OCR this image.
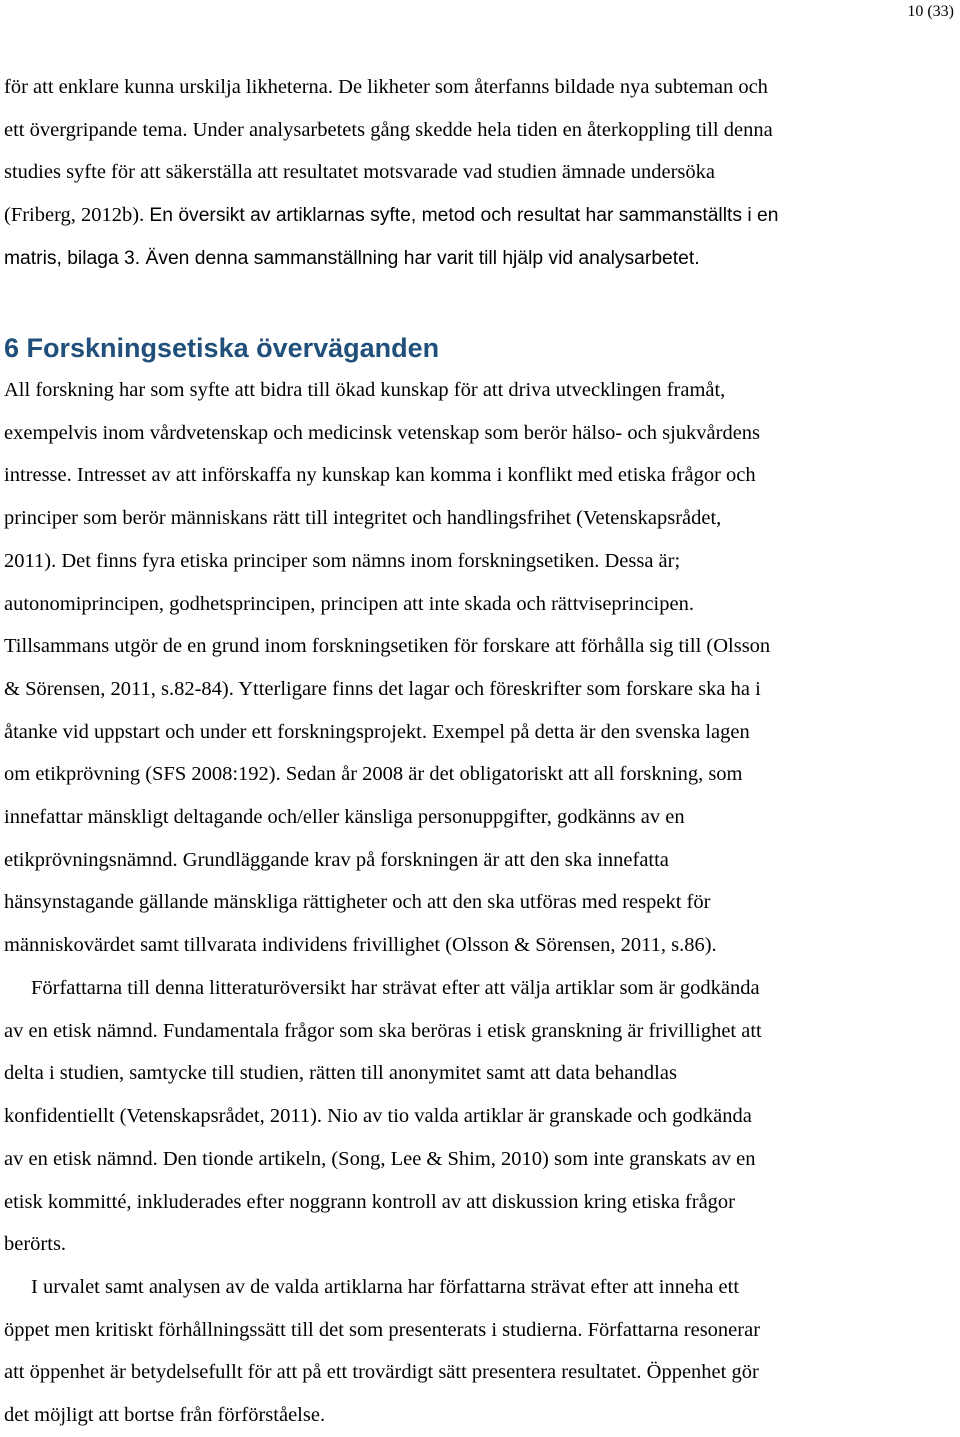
10 (33)

för att enklare kunna urskilja likheterna. De likheter som återfanns bildade nya subteman och
ett övergripande tema. Under analysarbetets gång skedde hela tiden en återkoppling till denna
studies syfte för att säkerställa att resultatet motsvarade vad studien ämnade undersöka
(Friberg, 2012b). En översikt av artiklarnas syfte, metod och resultat har sammanställts i en
matris, bilaga 3. Även denna sammanställning har varit till hjälp vid analysarbetet.

6 Forskningsetiska överväganden

All forskning har som syfte att bidra till ökad kunskap för att driva utvecklingen framåt,
exempelvis inom vårdvetenskap och medicinsk vetenskap som berör hälso- och sjukvårdens
intresse. Intresset av att införskaffa ny kunskap kan komma i konflikt med etiska frågor och
principer som berör människans rätt till integritet och handlingsfrihet (Vetenskapsrådet,
2011). Det finns fyra etiska principer som nämns inom forskningsetiken. Dessa är;
autonomiprincipen, godhetsprincipen, principen att inte skada och rättviseprincipen.
Tillsammans utgör de en grund inom forskningsetiken för forskare att förhålla sig till (Olsson
& Sörensen, 2011, s.82-84). Ytterligare finns det lagar och föreskrifter som forskare ska ha i
åtanke vid uppstart och under ett forskningsprojekt. Exempel på detta är den svenska lagen
om etikprövning (SFS 2008:192). Sedan år 2008 är det obligatoriskt att all forskning, som
innefattar mänskligt deltagande och/eller känsliga personuppgifter, godkänns av en
etikprövningsnämnd. Grundläggande krav på forskningen är att den ska innefatta
hänsynstagande gällande mänskliga rättigheter och att den ska utföras med respekt för
människovärdet samt tillvarata individens frivillighet (Olsson & Sörensen, 2011, s.86).

Författarna till denna litteraturöversikt har strävat efter att välja artiklar som är godkända
av en etisk nämnd. Fundamentala frågor som ska beröras i etisk granskning är frivillighet att
delta i studien, samtycke till studien, rätten till anonymitet samt att data behandlas
konfidentiellt (Vetenskapsrådet, 2011). Nio av tio valda artiklar är granskade och godkända
av en etisk nämnd. Den tionde artikeln, (Song, Lee & Shim, 2010) som inte granskats av en
etisk kommitté, inkluderades efter noggrann kontroll av att diskussion kring etiska frågor
berörts.

I urvalet samt analysen av de valda artiklarna har författarna strävat efter att inneha ett
öppet men kritiskt förhållningssätt till det som presenterats i studierna. Författarna resonerar
att öppenhet är betydelsefullt för att på ett trovärdigt sätt presentera resultatet. Öppenhet gör
det möjligt att bortse från förförståelse.
